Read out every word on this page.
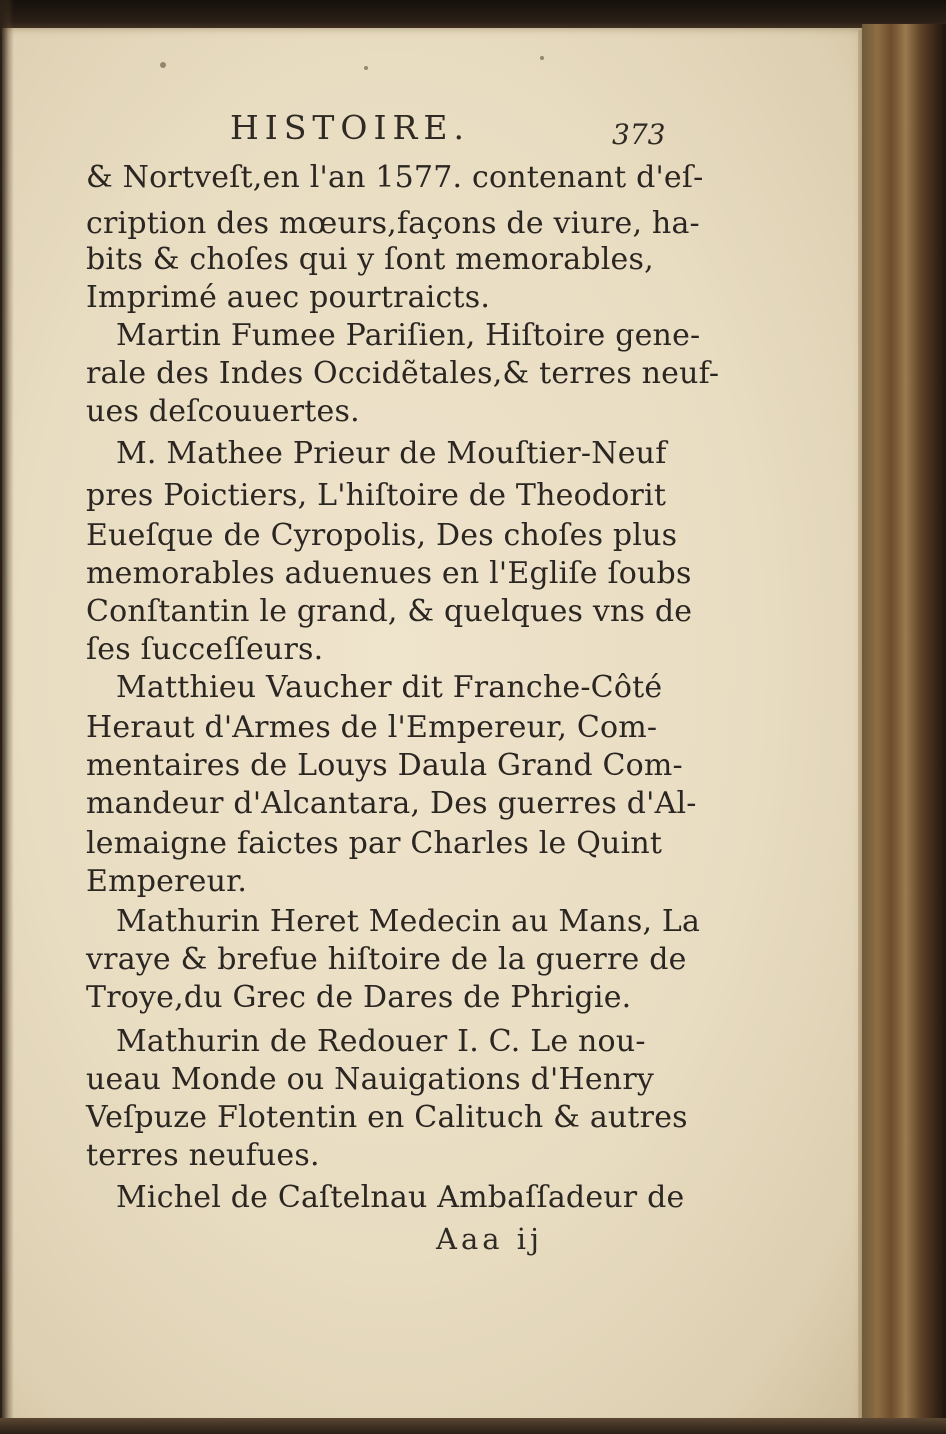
HISTOIRE.	373
& Nortveſt,en l'an 1577. contenant d'eſ-
cription des mœurs,façons de viure, ha-
bits & choſes qui y ſont memorables,
Imprimé auec pourtraicts.
Martin Fumee Pariſien, Hiſtoire gene-
rale des Indes Occidẽtales,& terres neuf-
ues deſcouuertes.
M. Mathee Prieur de Mouſtier-Neuf
pres Poictiers, L'hiſtoire de Theodorit
Eueſque de Cyropolis, Des choſes plus
memorables aduenues en l'Egliſe ſoubs
Conſtantin le grand, & quelques vns de
ſes ſucceſſeurs.
Matthieu Vaucher dit Franche-Côté
Heraut d'Armes de l'Empereur, Com-
mentaires de Louys Daula Grand Com-
mandeur d'Alcantara, Des guerres d'Al-
lemaigne faictes par Charles le Quint
Empereur.
Mathurin Heret Medecin au Mans, La
vraye & brefue hiſtoire de la guerre de
Troye,du Grec de Dares de Phrigie.
Mathurin de Redouer I. C. Le nou-
ueau Monde ou Nauigations d'Henry
Veſpuze Flotentin en Calituch & autres
terres neufues.
Michel de Caſtelnau Ambaſſadeur de
Aaa ij
